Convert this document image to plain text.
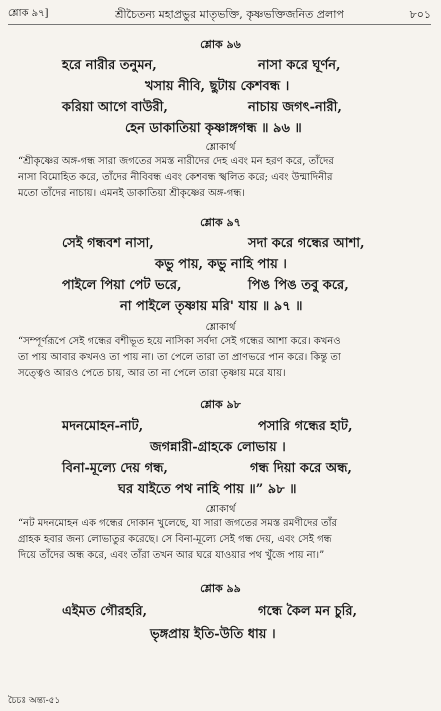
শ্লোক ৯৭]	শ্রীচৈতন্য মহাপ্রভুর মাতৃভক্তি, কৃষ্ণভক্তিজনিত প্রলাপ	৮০১
শ্লোক ৯৬
হরে নারীর তনুমন,	নাসা করে ঘূর্ণন,
খসায় নীবি, ছুটায় কেশবন্ধ ।
করিয়া আগে বাউরী,	নাচায় জগৎ-নারী,
হেন ডাকাতিয়া কৃষ্ণাঙ্গগন্ধ ॥ ৯৬ ॥
শ্লোকার্থ

“শ্রীকৃষ্ণের অঙ্গ-গন্ধ সারা জগতের সমস্ত নারীদের দেহ এবং মন হরণ করে, তাঁদের

নাসা বিমোহিত করে, তাঁদের নীবিবন্ধ এবং কেশবন্ধ স্খলিত করে; এবং উন্মাদিনীর

মতো তাঁদের নাচায়। এমনই ডাকাতিয়া শ্রীকৃষ্ণের অঙ্গ-গন্ধ।

শ্লোক ৯৭
সেই গন্ধবশ নাসা,	সদা করে গন্ধের আশা,
কভু পায়, কভু নাহি পায় ।
পাইলে পিয়া পেট ভরে,	পিঙ পিঙ তবু করে,
না পাইলে তৃষ্ণায় মরি' যায় ॥ ৯৭ ॥
শ্লোকার্থ

“সম্পূর্ণরূপে সেই গন্ধের বশীভূত হয়ে নাসিকা সর্বদা সেই গন্ধের আশা করে। কখনও

তা পায় আবার কখনও তা পায় না। তা পেলে তারা তা প্রাণভরে পান করে। কিন্তু তা

সত্ত্বেও আরও পেতে চায়, আর তা না পেলে তারা তৃষ্ণায় মরে যায়।

শ্লোক ৯৮
মদনমোহন-নাট,	পসারি গন্ধের হাট,
জগন্নারী-গ্রাহকে লোভায় ।
বিনা-মূল্যে দেয় গন্ধ,	গন্ধ দিয়া করে অন্ধ,
ঘর যাইতে পথ নাহি পায় ॥” ৯৮ ॥
শ্লোকার্থ

“নট মদনমোহন এক গন্ধের দোকান খুলেছে, যা সারা জগতের সমস্ত রমণীদের তাঁর

গ্রাহক হবার জন্য লোভাতুর করেছে। সে বিনা-মূল্যে সেই গন্ধ দেয়, এবং সেই গন্ধ

দিয়ে তাঁদের অন্ধ করে, এবং তাঁরা তখন আর ঘরে যাওয়ার পথ খুঁজে পায় না।”

শ্লোক ৯৯
এইমত গৌরহরি,	গন্ধে কৈল মন চুরি,
ভৃঙ্গপ্রায় ইতি-উতি ধায় ।
চৈচঃ অন্ত্য-৫১
